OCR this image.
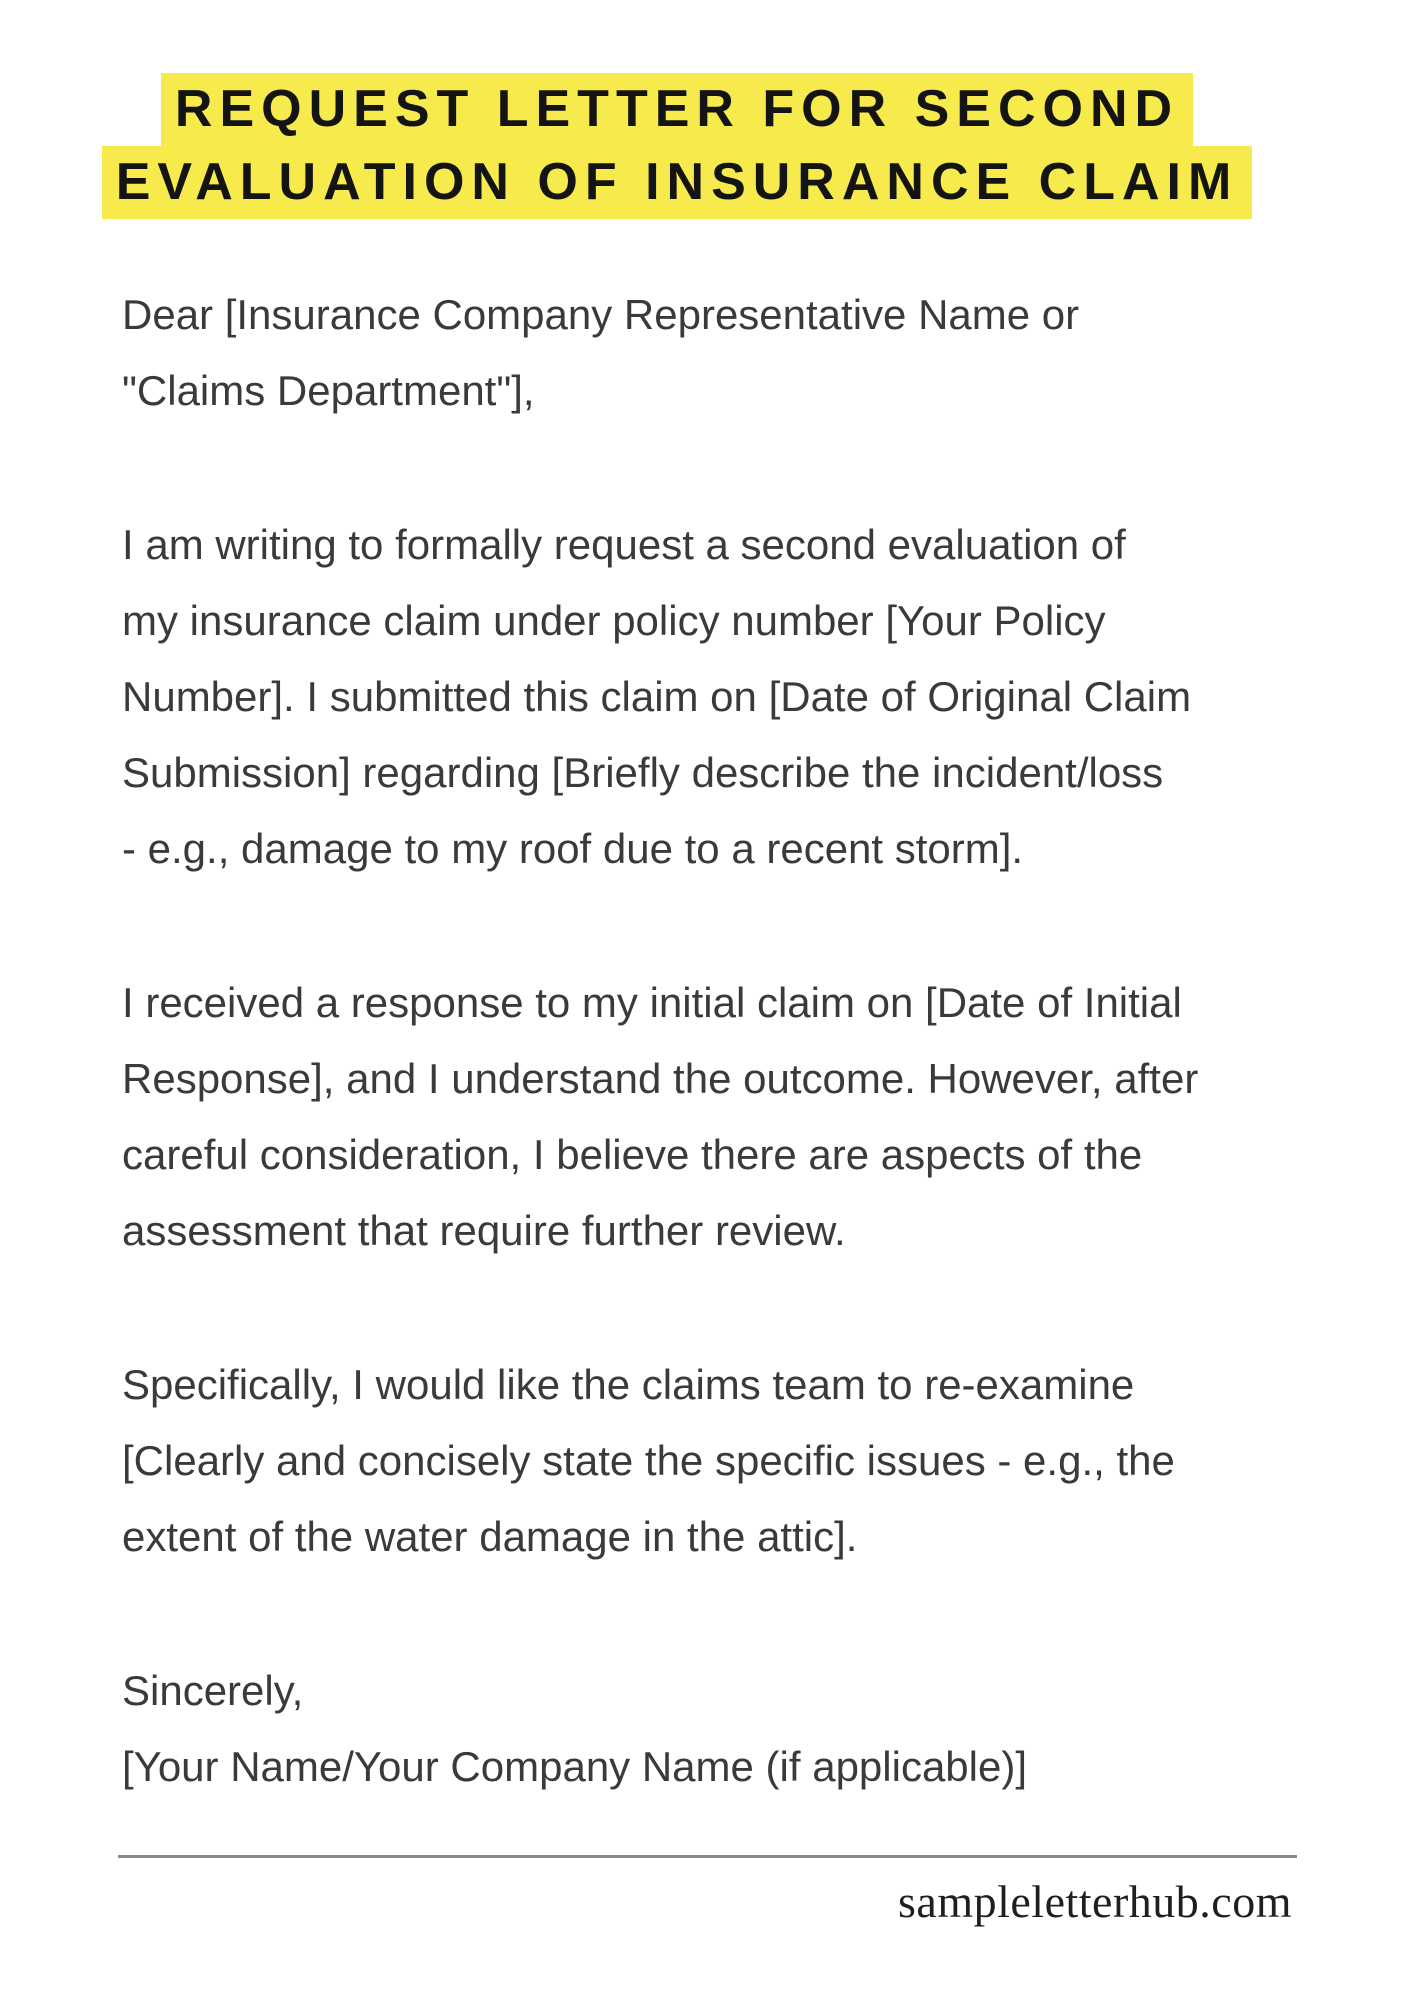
REQUEST LETTER FOR SECOND
EVALUATION OF INSURANCE CLAIM

Dear [Insurance Company Representative Name or
"Claims Department"],

I am writing to formally request a second evaluation of
my insurance claim under policy number [Your Policy
Number]. I submitted this claim on [Date of Original Claim
Submission] regarding [Briefly describe the incident/loss
- e.g., damage to my roof due to a recent storm].

I received a response to my initial claim on [Date of Initial
Response], and I understand the outcome. However, after
careful consideration, I believe there are aspects of the
assessment that require further review.

Specifically, I would like the claims team to re-examine
[Clearly and concisely state the specific issues - e.g., the
extent of the water damage in the attic].

Sincerely,
[Your Name/Your Company Name (if applicable)]

sampleletterhub.com
